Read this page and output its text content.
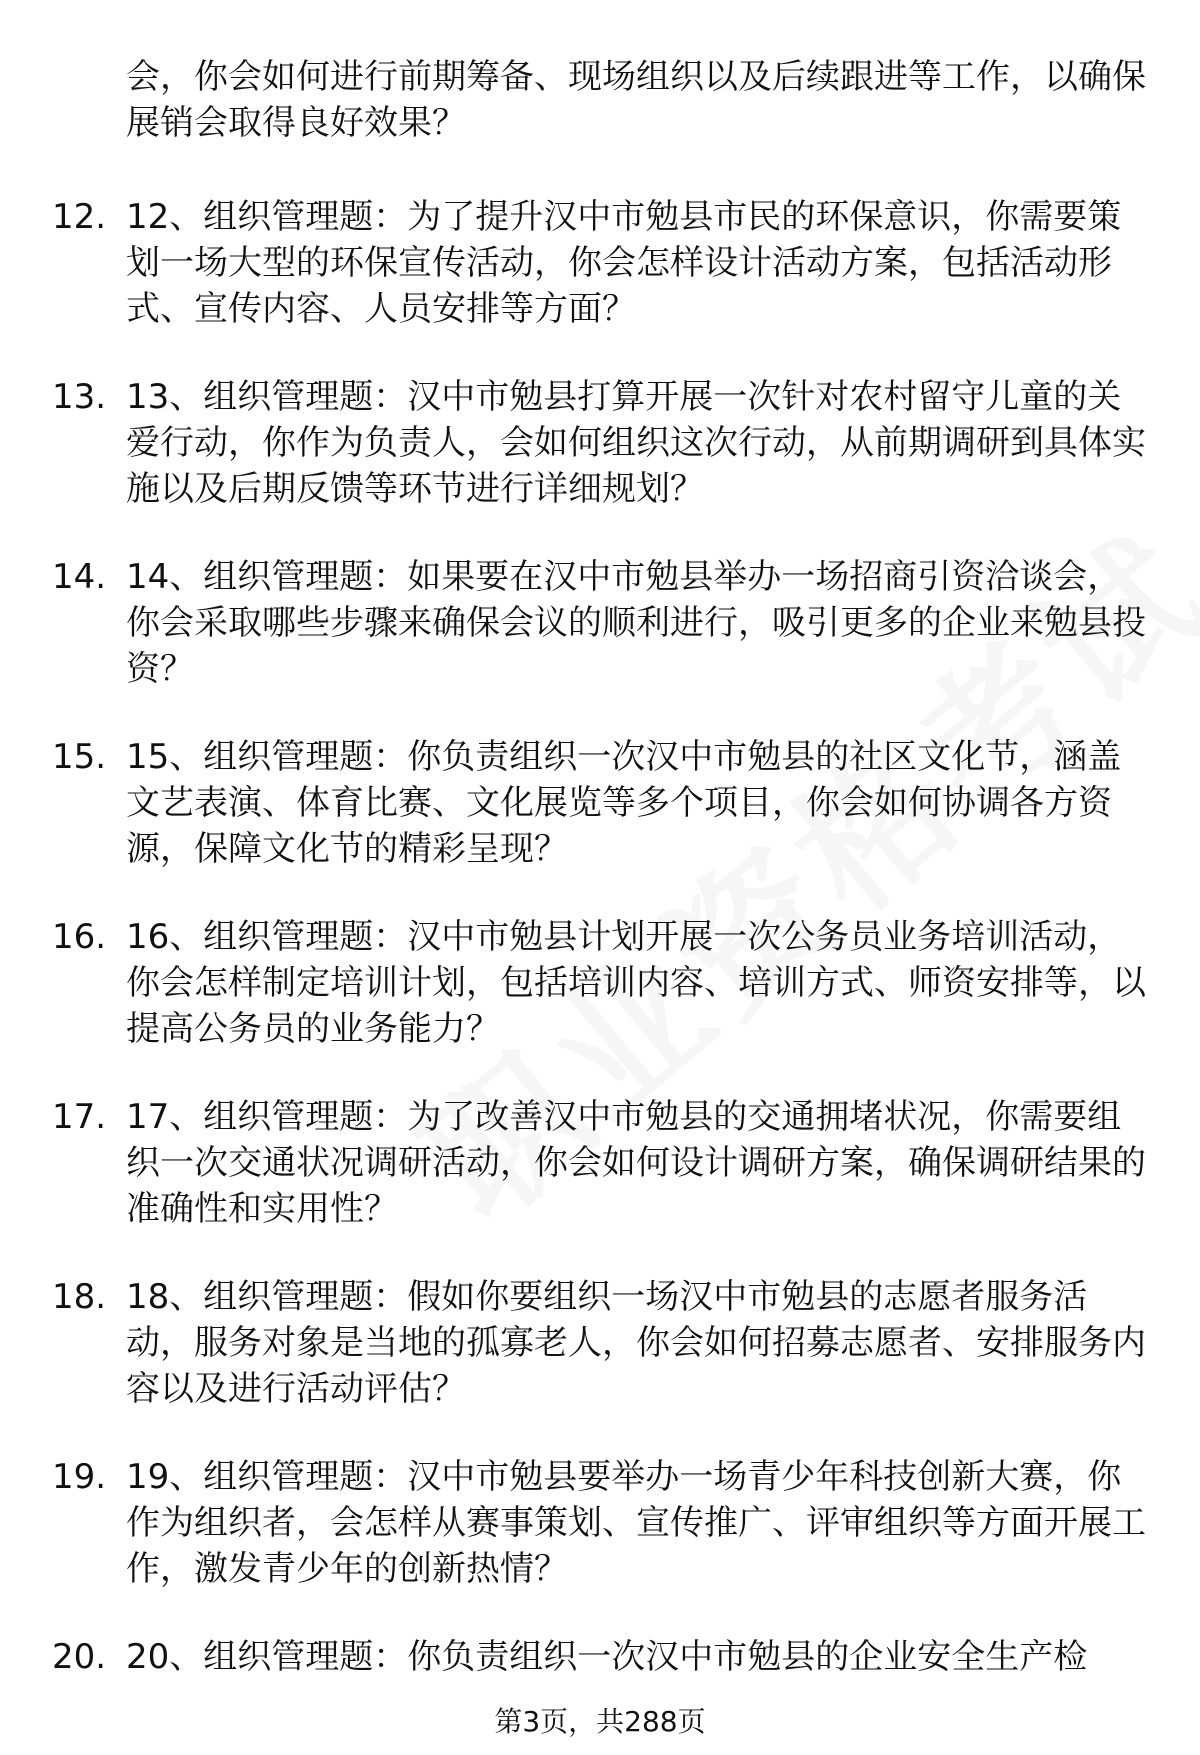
会，你会如何进行前期筹备、现场组织以及后续跟进等工作，以确保展销会取得良好效果？
12. 12、组织管理题：为了提升汉中市勉县市民的环保意识，你需要策划一场大型的环保宣传活动，你会怎样设计活动方案，包括活动形式、宣传内容、人员安排等方面？
13. 13、组织管理题：汉中市勉县打算开展一次针对农村留守儿童的关爱行动，你作为负责人，会如何组织这次行动，从前期调研到具体实施以及后期反馈等环节进行详细规划？
14. 14、组织管理题：如果要在汉中市勉县举办一场招商引资洽谈会，你会采取哪些步骤来确保会议的顺利进行，吸引更多的企业来勉县投资？
15. 15、组织管理题：你负责组织一次汉中市勉县的社区文化节，涵盖文艺表演、体育比赛、文化展览等多个项目，你会如何协调各方资源，保障文化节的精彩呈现？
16. 16、组织管理题：汉中市勉县计划开展一次公务员业务培训活动，你会怎样制定培训计划，包括培训内容、培训方式、师资安排等，以提高公务员的业务能力？
17. 17、组织管理题：为了改善汉中市勉县的交通拥堵状况，你需要组织一次交通状况调研活动，你会如何设计调研方案，确保调研结果的准确性和实用性？
18. 18、组织管理题：假如你要组织一场汉中市勉县的志愿者服务活动，服务对象是当地的孤寡老人，你会如何招募志愿者、安排服务内容以及进行活动评估？
19. 19、组织管理题：汉中市勉县要举办一场青少年科技创新大赛，你作为组织者，会怎样从赛事策划、宣传推广、评审组织等方面开展工作，激发青少年的创新热情？
20. 20、组织管理题：你负责组织一次汉中市勉县的企业安全生产检
第3页，共288页
